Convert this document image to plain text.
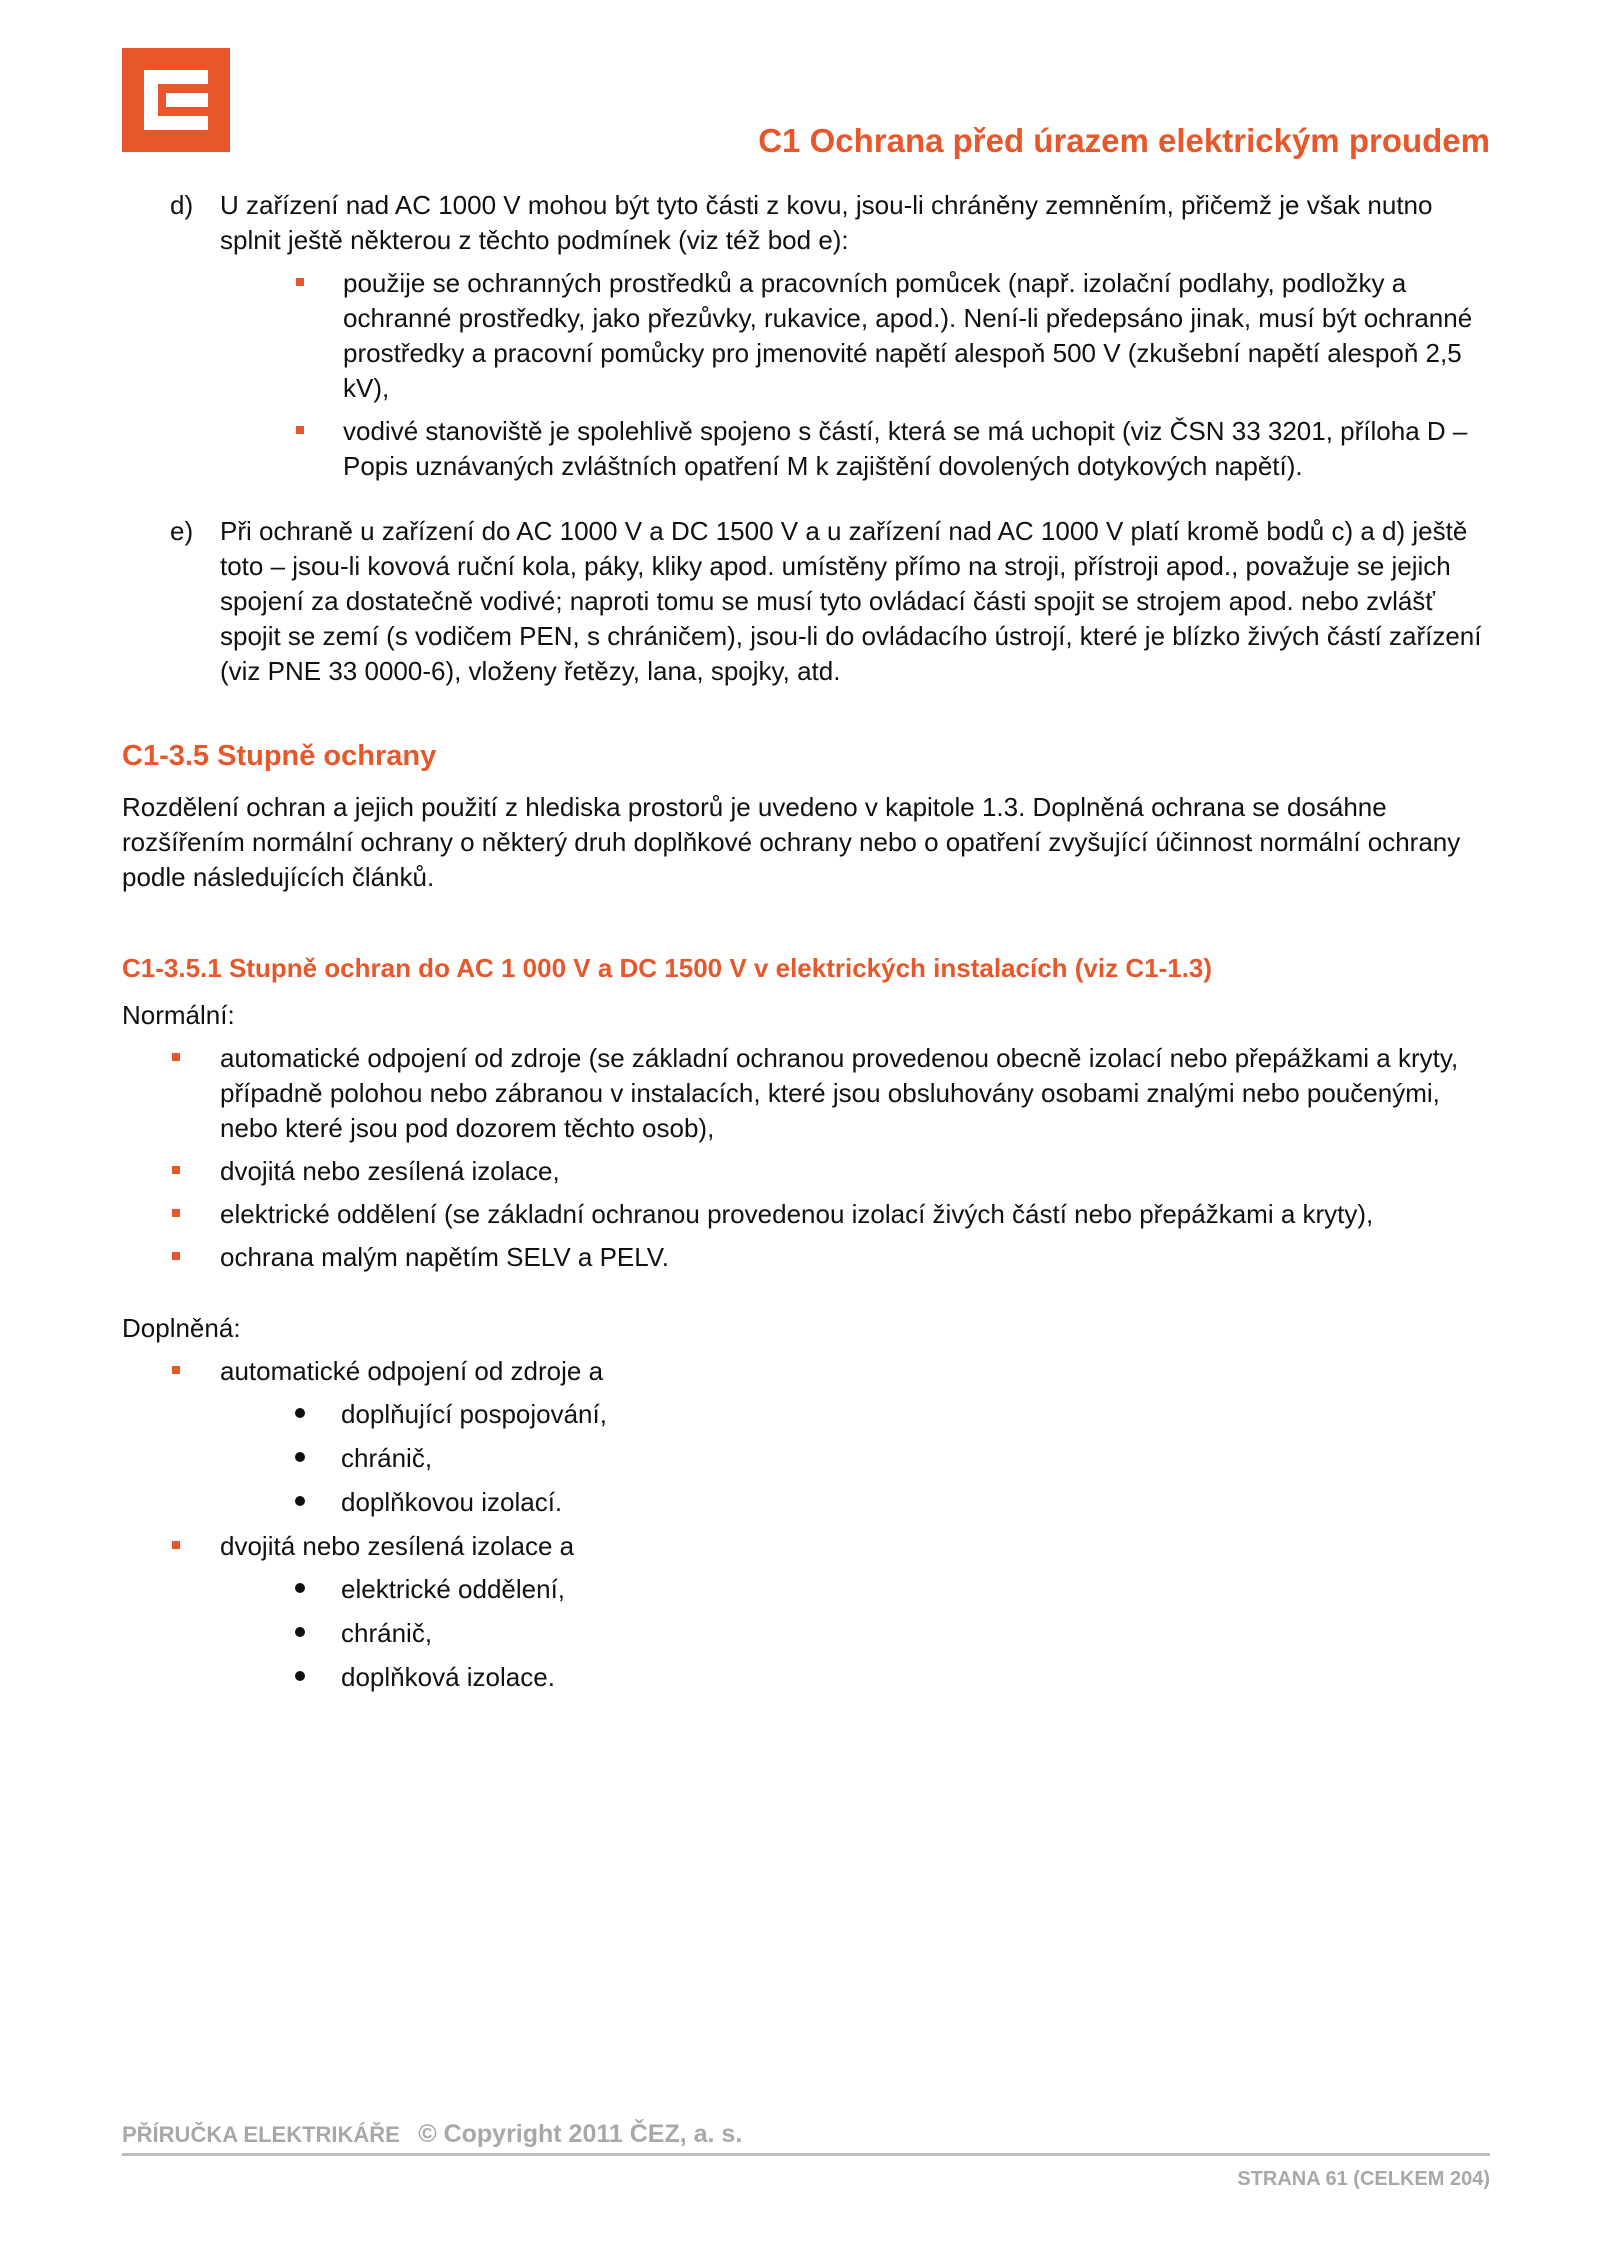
C1 Ochrana před úrazem elektrickým proudem
d) U zařízení nad AC 1000 V mohou být tyto části z kovu, jsou-li chráněny zemněním, přičemž je však nutno splnit ještě některou z těchto podmínek (viz též bod e):

použije se ochranných prostředků a pracovních pomůcek (např. izolační podlahy, podložky a ochranné prostředky, jako přezůvky, rukavice, apod.). Není-li předepsáno jinak, musí být ochranné prostředky a pracovní pomůcky pro jmenovité napětí alespoň 500 V (zkušební napětí alespoň 2,5 kV),
vodivé stanoviště je spolehlivě spojeno s částí, která se má uchopit (viz ČSN 33 3201, příloha D – Popis uznávaných zvláštních opatření M k zajištění dovolených dotykových napětí).
e) Při ochraně u zařízení do AC 1000 V a DC 1500 V a u zařízení nad AC 1000 V platí kromě bodů c) a d) ještě toto – jsou-li kovová ruční kola, páky, kliky apod. umístěny přímo na stroji, přístroji apod., považuje se jejich spojení za dostatečně vodivé; naproti tomu se musí tyto ovládací části spojit se strojem apod. nebo zvlášť spojit se zemí (s vodičem PEN, s chráničem), jsou-li do ovládacího ústrojí, které je blízko živých částí zařízení (viz PNE 33 0000-6), vloženy řetězy, lana, spojky, atd.

C1-3.5 Stupně ochrany

Rozdělení ochran a jejich použití z hlediska prostorů je uvedeno v kapitole 1.3. Doplněná ochrana se dosáhne rozšířením normální ochrany o některý druh doplňkové ochrany nebo o opatření zvyšující účinnost normální ochrany podle následujících článků.

C1-3.5.1 Stupně ochran do AC 1 000 V a DC 1500 V v elektrických instalacích (viz C1-1.3)

Normální:

automatické odpojení od zdroje (se základní ochranou provedenou obecně izolací nebo přepážkami a kryty, případně polohou nebo zábranou v instalacích, které jsou obsluhovány osobami znalými nebo poučenými, nebo které jsou pod dozorem těchto osob),
dvojitá nebo zesílená izolace,
elektrické oddělení (se základní ochranou provedenou izolací živých částí nebo přepážkami a kryty),
ochrana malým napětím SELV a PELV.

Doplněná:

automatické odpojení od zdroje a
doplňující pospojování,
chránič,
doplňkovou izolací.
dvojitá nebo zesílená izolace a
elektrické oddělení,
chránič,
doplňková izolace.
PŘÍRUČKA ELEKTRIKÁŘE © Copyright 2011 ČEZ, a. s.
STRANA 61 (CELKEM 204)
